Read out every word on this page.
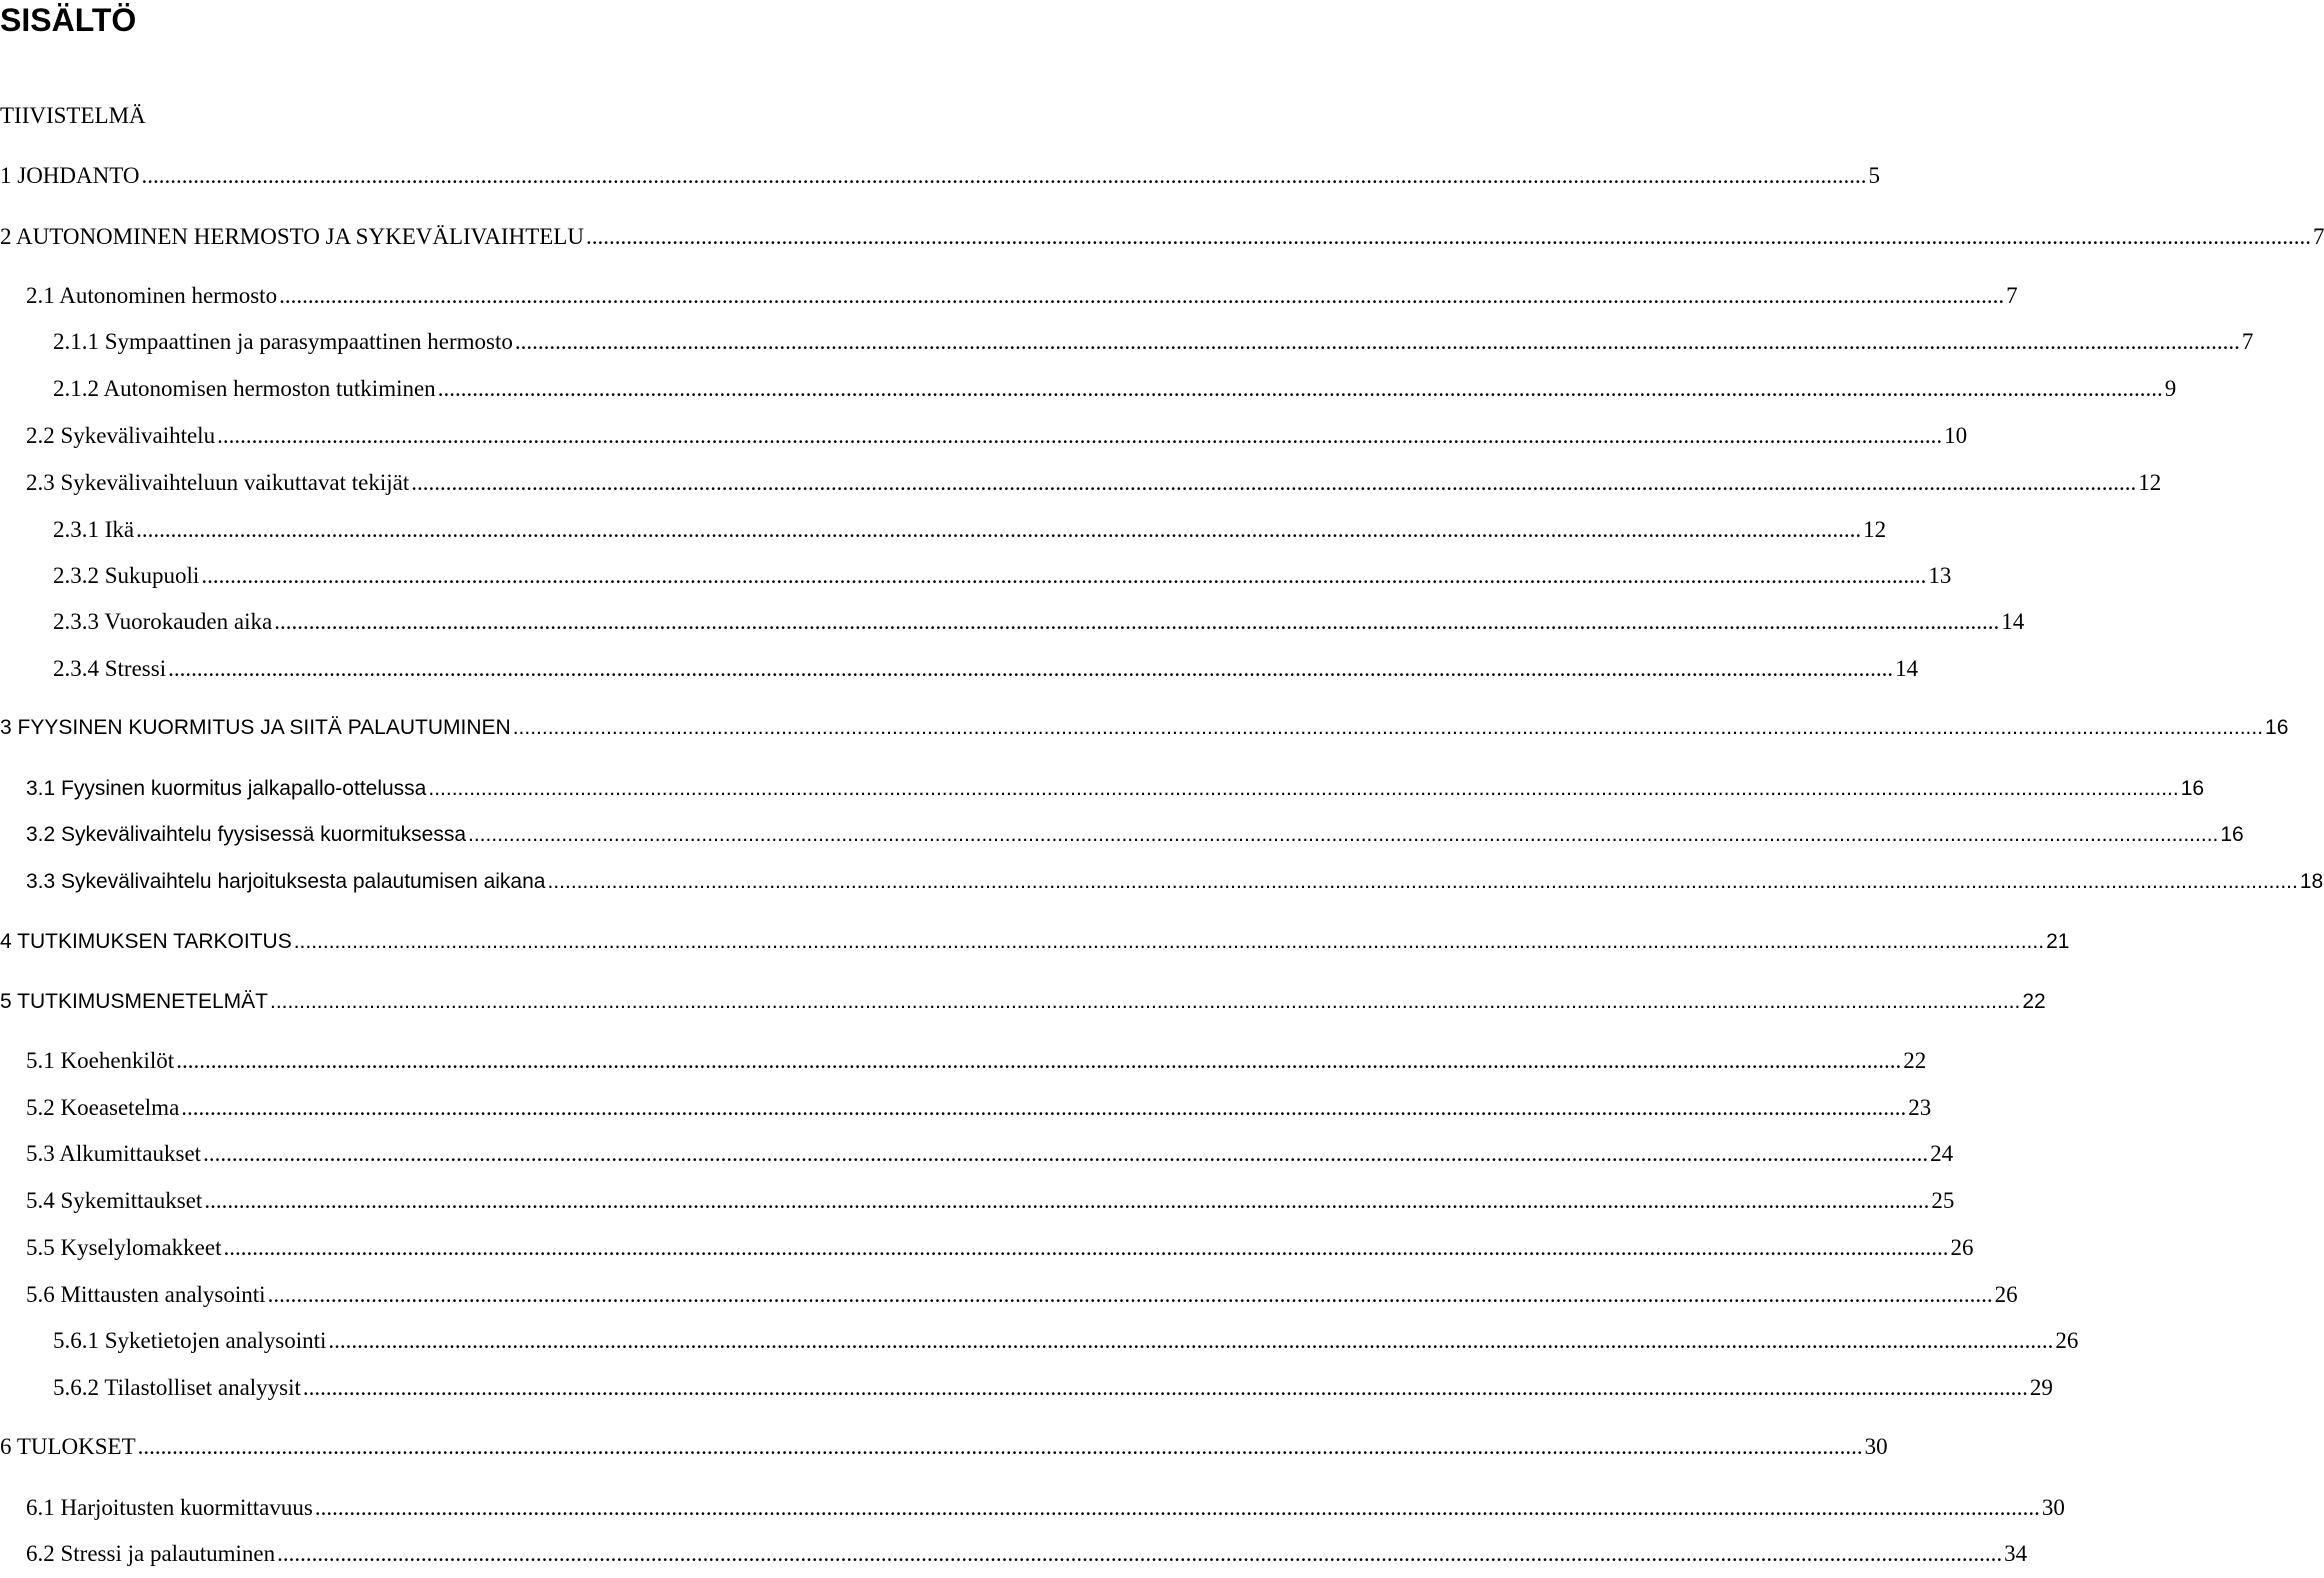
SISÄLTÖ
TIIVISTELMÄ
1 JOHDANTO ............................................................................................................................................................................................................................................................................................................ 5
2 AUTONOMINEN HERMOSTO JA SYKEVÄLIVAIHTELU ............................................................................................................................................................................................................................................................................................................ 7
2.1 Autonominen hermosto ............................................................................................................................................................................................................................................................................................................ 7
2.1.1 Sympaattinen ja parasympaattinen hermosto ............................................................................................................................................................................................................................................................................................................ 7
2.1.2 Autonomisen hermoston tutkiminen ............................................................................................................................................................................................................................................................................................................ 9
2.2 Sykevälivaihtelu ............................................................................................................................................................................................................................................................................................................ 10
2.3 Sykevälivaihteluun vaikuttavat tekijät ............................................................................................................................................................................................................................................................................................................ 12
2.3.1 Ikä ............................................................................................................................................................................................................................................................................................................ 12
2.3.2 Sukupuoli ............................................................................................................................................................................................................................................................................................................ 13
2.3.3 Vuorokauden aika ............................................................................................................................................................................................................................................................................................................ 14
2.3.4 Stressi ............................................................................................................................................................................................................................................................................................................ 14
3 FYYSINEN KUORMITUS JA SIITÄ PALAUTUMINEN ............................................................................................................................................................................................................................................................................................................ 16
3.1 Fyysinen kuormitus jalkapallo-ottelussa ............................................................................................................................................................................................................................................................................................................ 16
3.2 Sykevälivaihtelu fyysisessä kuormituksessa ............................................................................................................................................................................................................................................................................................................ 16
3.3 Sykevälivaihtelu harjoituksesta palautumisen aikana ............................................................................................................................................................................................................................................................................................................ 18
4 TUTKIMUKSEN TARKOITUS ............................................................................................................................................................................................................................................................................................................ 21
5 TUTKIMUSMENETELMÄT ............................................................................................................................................................................................................................................................................................................ 22
5.1 Koehenkilöt ............................................................................................................................................................................................................................................................................................................ 22
5.2 Koeasetelma ............................................................................................................................................................................................................................................................................................................ 23
5.3 Alkumittaukset ............................................................................................................................................................................................................................................................................................................ 24
5.4 Sykemittaukset ............................................................................................................................................................................................................................................................................................................ 25
5.5 Kyselylomakkeet ............................................................................................................................................................................................................................................................................................................ 26
5.6 Mittausten analysointi ............................................................................................................................................................................................................................................................................................................ 26
5.6.1 Syketietojen analysointi ............................................................................................................................................................................................................................................................................................................ 26
5.6.2 Tilastolliset analyysit ............................................................................................................................................................................................................................................................................................................ 29
6 TULOKSET ............................................................................................................................................................................................................................................................................................................ 30
6.1 Harjoitusten kuormittavuus ............................................................................................................................................................................................................................................................................................................ 30
6.2 Stressi ja palautuminen ............................................................................................................................................................................................................................................................................................................ 34
